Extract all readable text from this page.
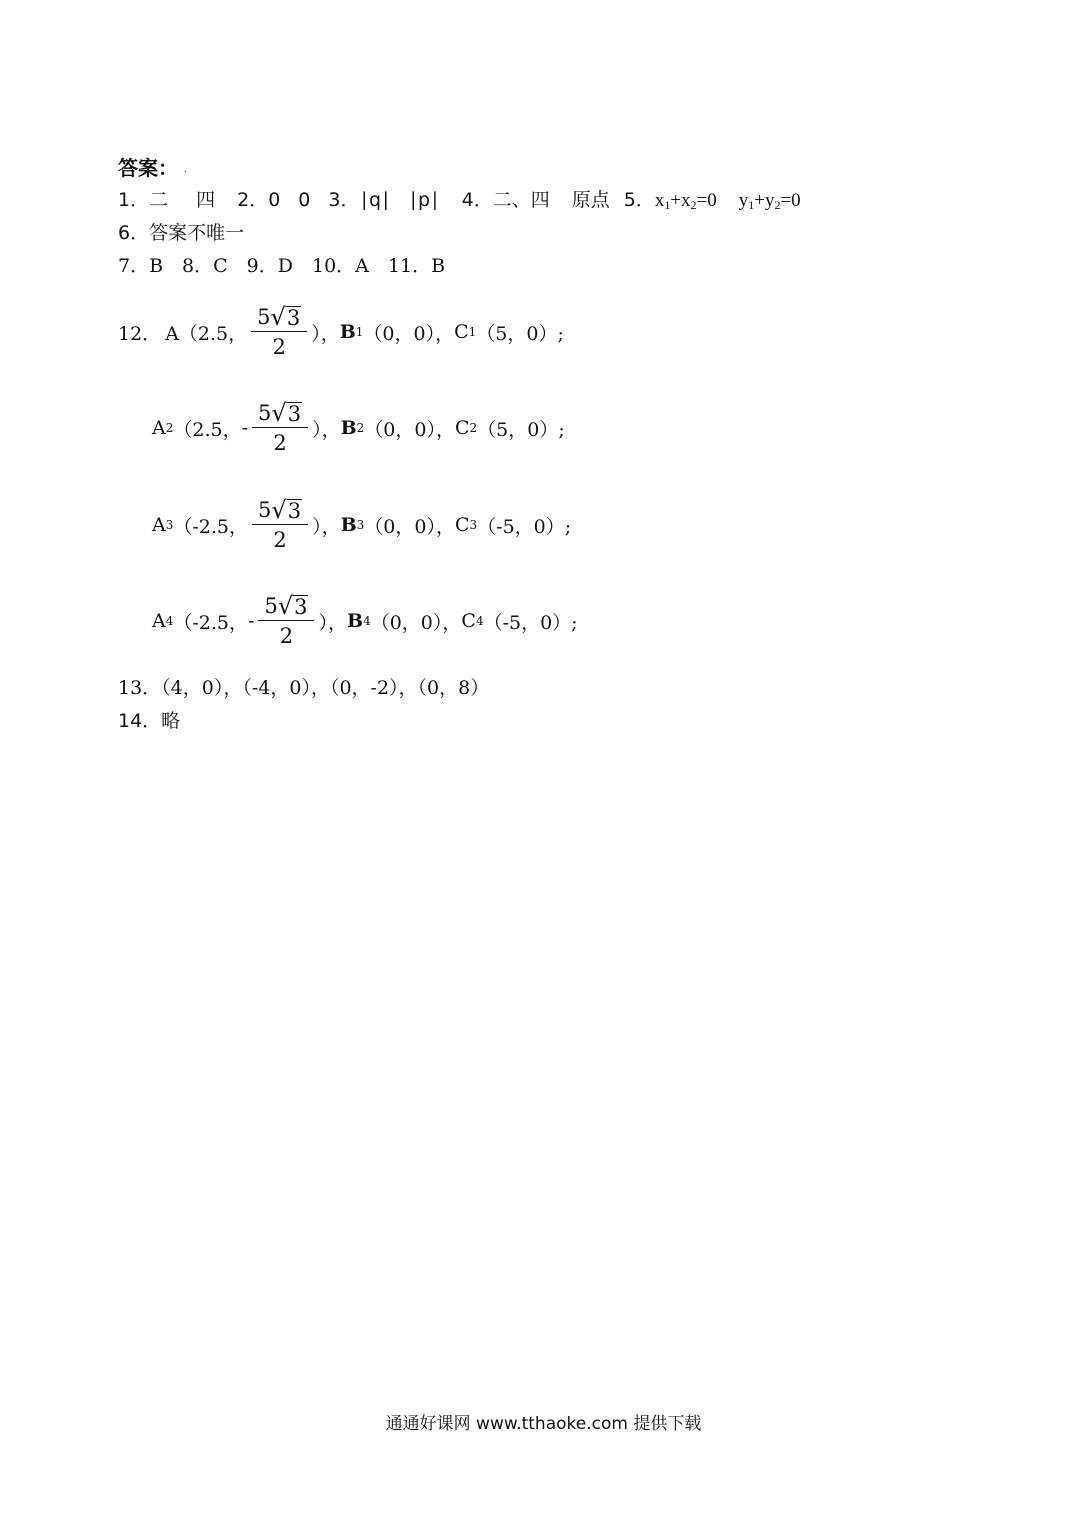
答案： .
1．二 四 2．0 0 3．∣q∣ ∣p∣ 4．二、四 原点 5．$x_1+x_2=0$ $y_1+y_2=0$
6．答案不唯一
7．B　8．C　9．D　10．A　11．B
12． A（2.5， $\frac{5 √ 3}{2}$ ）， B 1 （0，0）， C 1 （5，0）;
A 2 （2.5， - $\frac{5 √ 3}{2}$ ）， B 2 （0，0）， C 2 （5，0）;
A 3 （-2.5， $\frac{5 √ 3}{2}$ ）， B 3 （0，0）， C 3 （-5，0）;
A 4 （-2.5， - $\frac{5 √ 3}{2}$ ）， B 4 （0，0）， C 4 （-5，0）;
13．（4，0），（-4，0），（0，-2），（0，8）
14．略
通通好课网 www.tthaoke.com 提供下载
